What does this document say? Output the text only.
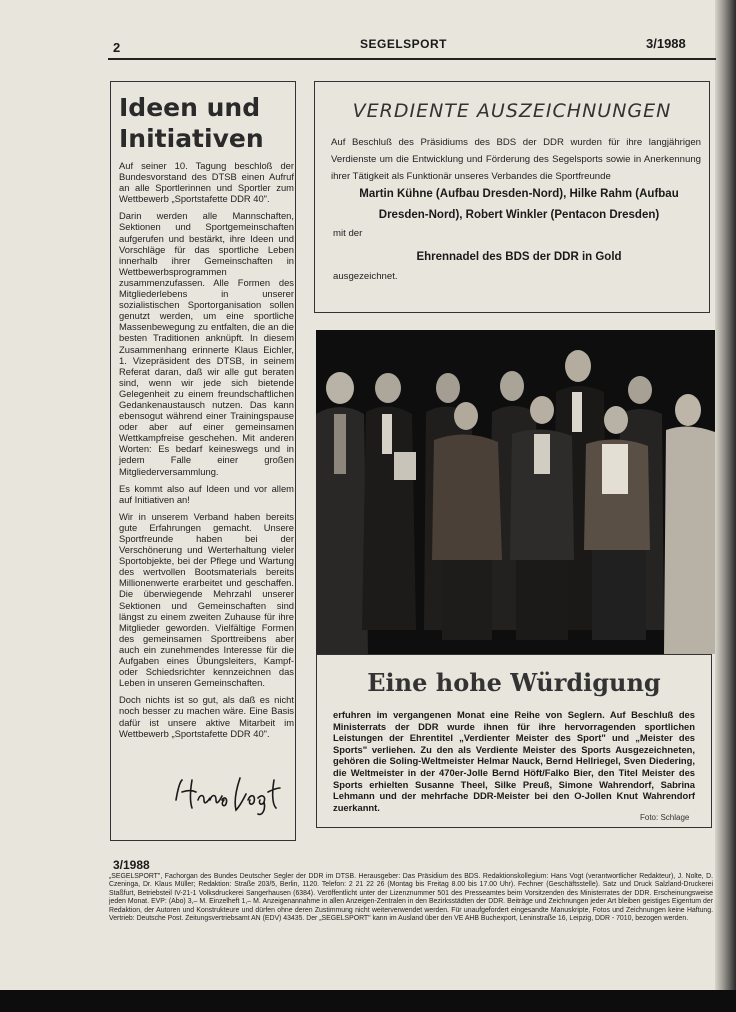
2	SEGELSPORT	3/1988
Ideen und
Initiativen

Auf seiner 10. Tagung beschloß der Bundesvorstand des DTSB einen Aufruf an alle Sportlerinnen und Sportler zum Wettbewerb „Sportstafette DDR 40".

Darin werden alle Mannschaften, Sektionen und Sportgemeinschaften aufgerufen und bestärkt, ihre Ideen und Vorschläge für das sportliche Leben innerhalb ihrer Gemeinschaften in Wettbewerbsprogrammen zusammenzufassen. Alle Formen des Mitgliederlebens in unserer sozialistischen Sportorganisation sollen genutzt werden, um eine sportliche Massenbewegung zu entfalten, die an die besten Traditionen anknüpft. In diesem Zusammenhang erinnerte Klaus Eichler, 1. Vizepräsident des DTSB, in seinem Referat daran, daß wir alle gut beraten sind, wenn wir jede sich bietende Gelegenheit zu einem freundschaftlichen Gedankenaustausch nutzen. Das kann ebensogut während einer Trainingspause oder aber auf einer gemeinsamen Wettkampfreise geschehen. Mit anderen Worten: Es bedarf keineswegs und in jedem Falle einer großen Mitgliederversammlung.

Es kommt also auf Ideen und vor allem auf Initiativen an!

Wir in unserem Verband haben bereits gute Erfahrungen gemacht. Unsere Sportfreunde haben bei der Verschönerung und Werterhaltung vieler Sportobjekte, bei der Pflege und Wartung des wertvollen Bootsmaterials bereits Millionenwerte erarbeitet und geschaffen. Die überwiegende Mehrzahl unserer Sektionen und Gemeinschaften sind längst zu einem zweiten Zuhause für ihre Mitglieder geworden. Vielfältige Formen des gemeinsamen Sporttreibens aber auch ein zunehmendes Interesse für die Aufgaben eines Übungsleiters, Kampf- oder Schiedsrichter kennzeichnen das Leben in unseren Gemeinschaften.

Doch nichts ist so gut, als daß es nicht noch besser zu machen wäre. Eine Basis dafür ist unsere aktive Mitarbeit im Wettbewerb „Sportstafette DDR 40".

VERDIENTE AUSZEICHNUNGEN
Auf Beschluß des Präsidiums des BDS der DDR wurden für ihre langjährigen Verdienste um die Entwicklung und Förderung des Segelsports sowie in Anerkennung ihrer Tätigkeit als Funktionär unseres Verbandes die Sportfreunde
Martin Kühne (Aufbau Dresden-Nord), Hilke Rahm (Aufbau Dresden-Nord), Robert Winkler (Pentacon Dresden)
mit der
Ehrennadel des BDS der DDR in Gold
ausgezeichnet.
Eine hohe Würdigung
erfuhren im vergangenen Monat eine Reihe von Seglern. Auf Beschluß des Ministerrats der DDR wurde ihnen für ihre hervorragenden sportlichen Leistungen der Ehrentitel „Verdienter Meister des Sport" und „Meister des Sports" verliehen. Zu den als Verdiente Meister des Sports Ausgezeichneten, gehören die Soling-Weltmeister Helmar Nauck, Bernd Hellriegel, Sven Diedering, die Weltmeister in der 470er-Jolle Bernd Höft/Falko Bier, den Titel Meister des Sports erhielten Susanne Theel, Silke Preuß, Simone Wahrendorf, Sabrina Lehmann und der mehrfache DDR-Meister bei den O-Jollen Knut Wahrendorf zuerkannt.
Foto: Schlage
3/1988
„SEGELSPORT", Fachorgan des Bundes Deutscher Segler der DDR im DTSB. Herausgeber: Das Präsidium des BDS. Redaktionskollegium: Hans Vogt (verantwortlicher Redakteur), J. Nolte, D. Czeninga, Dr. Klaus Müller; Redaktion: Straße 203/5, Berlin, 1120. Telefon: 2 21 22 26 (Montag bis Freitag 8.00 bis 17.00 Uhr). Fechner (Geschäftsstelle). Satz und Druck Salzland-Druckerei Staßfurt, Betriebsteil IV-21-1 Volksdruckerei Sangerhausen (6384). Veröffentlicht unter der Lizenznummer 501 des Presseamtes beim Vorsitzenden des Ministerrates der DDR. Erscheinungsweise jeden Monat. EVP: (Abo) 3,– M. Einzelheft 1,– M. Anzeigenannahme in allen Anzeigen-Zentralen in den Bezirksstädten der DDR. Beiträge und Zeichnungen jeder Art bleiben geistiges Eigentum der Redaktion, der Autoren und Konstrukteure und dürfen ohne deren Zustimmung nicht weiterverwendet werden. Für unaufgefordert eingesandte Manuskripte, Fotos und Zeichnungen keine Haftung. Vertrieb: Deutsche Post. Zeitungsvertriebsamt AN (EDV) 43435. Der „SEGELSPORT" kann im Ausland über den VE AHB Buchexport, Leninstraße 16, Leipzig, DDR - 7010, bezogen werden.
